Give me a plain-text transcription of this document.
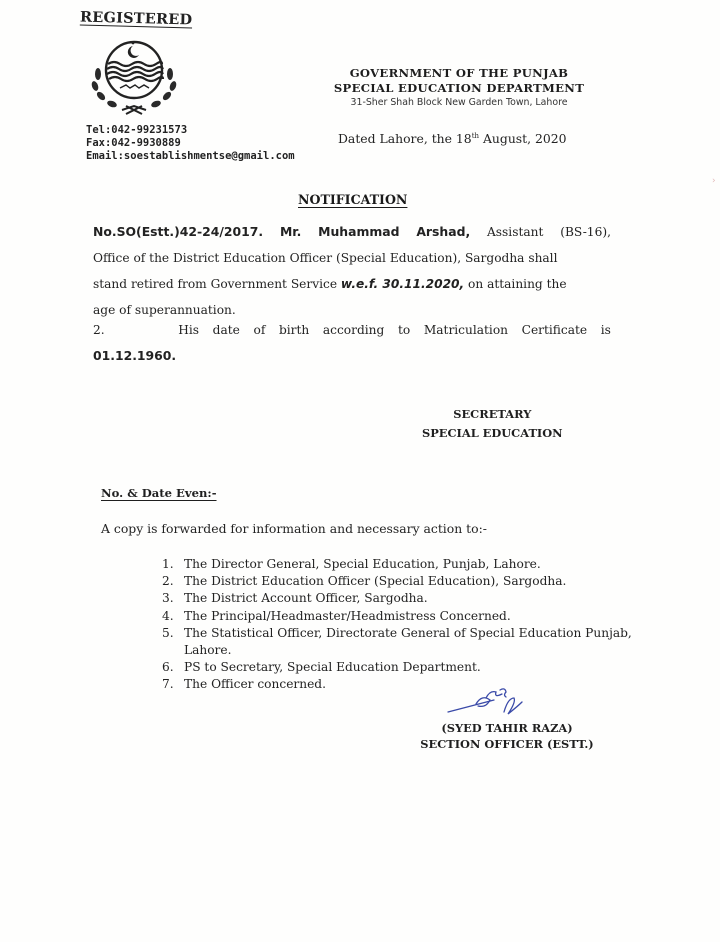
REGISTERED
Tel:042-99231573
Fax:042-9930889
Email:soestablishmentse@gmail.com
GOVERNMENT OF THE PUNJAB
SPECIAL EDUCATION DEPARTMENT
31-Sher Shah Block New Garden Town, Lahore
Dated Lahore, the 18th August, 2020
NOTIFICATION
No.SO(Estt.)42-24/2017. Mr. Muhammad Arshad, Assistant (BS-16),
Office of the District Education Officer (Special Education), Sargodha shall
stand retired from Government Service w.e.f. 30.11.2020, on attaining the
age of superannuation.
2.	His date of birth according to Matriculation Certificate is
01.12.1960.
SECRETARY
SPECIAL EDUCATION
No. & Date Even:-
A copy is forwarded for information and necessary action to:-
1. The Director General, Special Education, Punjab, Lahore.
2. The District Education Officer (Special Education), Sargodha.
3. The District Account Officer, Sargodha.
4. The Principal/Headmaster/Headmistress Concerned.
5. The Statistical Officer, Directorate General of Special Education Punjab, Lahore.
6. PS to Secretary, Special Education Department.
7. The Officer concerned.
(SYED TAHIR RAZA)
SECTION OFFICER (ESTT.)
›
